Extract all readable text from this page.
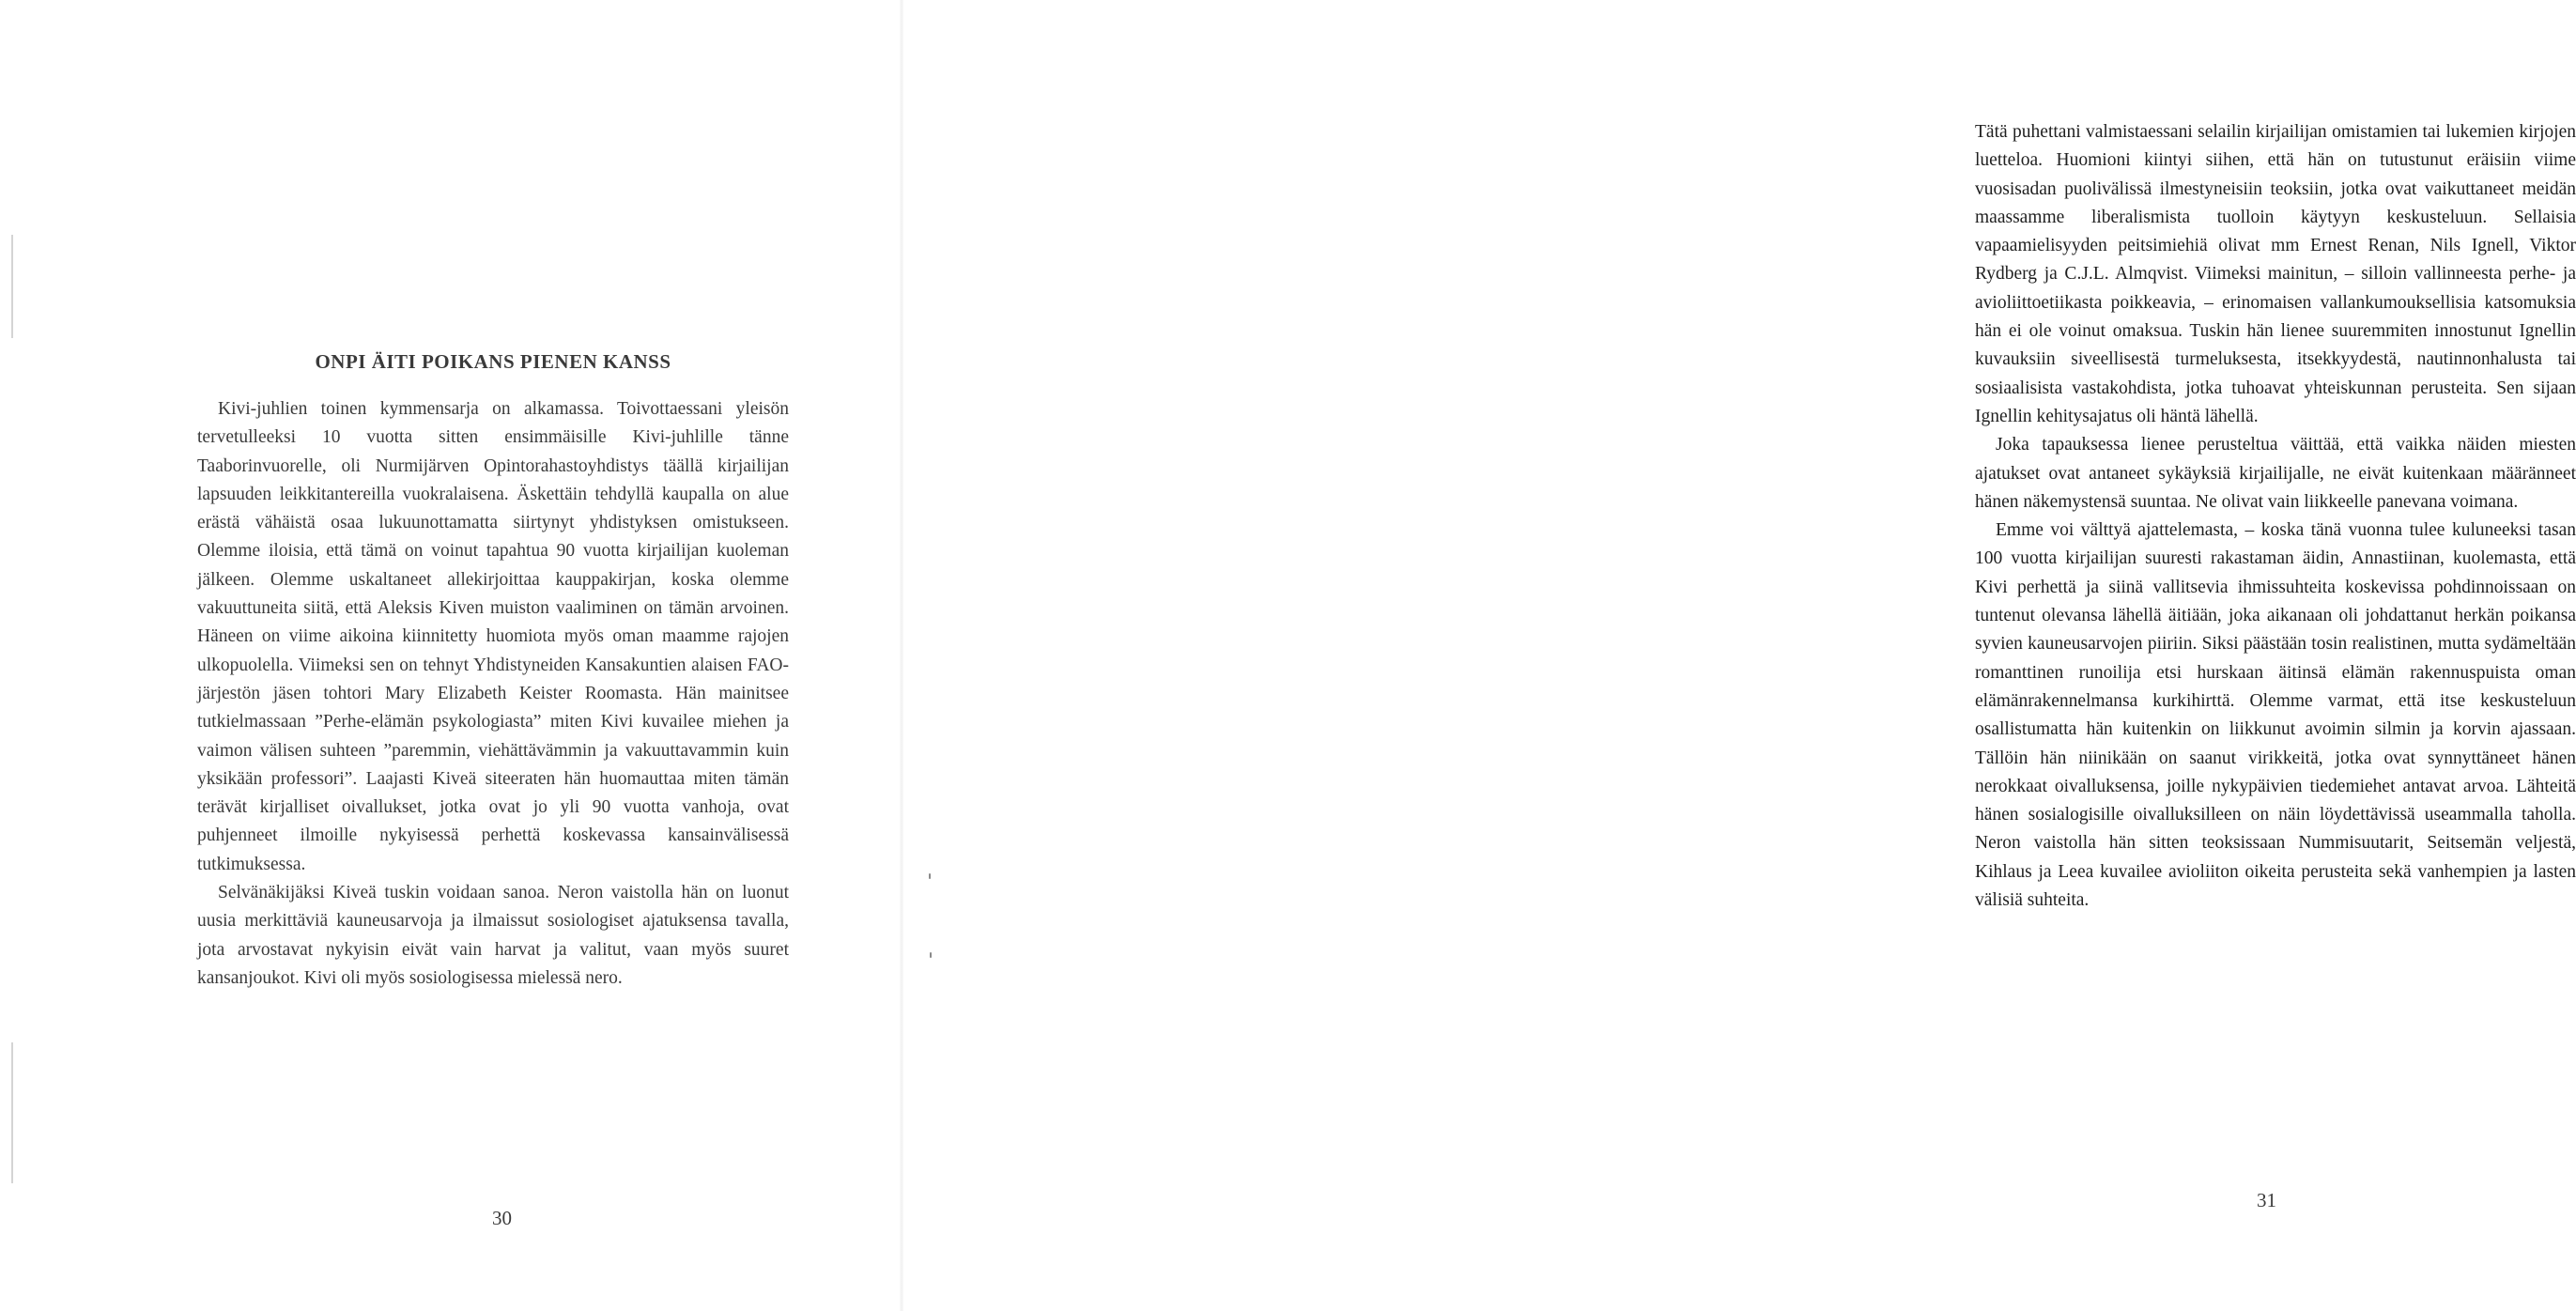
ONPI ÄITI POIKANS PIENEN KANSS

Kivi-juhlien toinen kymmensarja on alkamassa. Toivottaessani yleisön tervetulleeksi 10 vuotta sitten ensimmäisille Kivi-juhlille tänne Taaborinvuorelle, oli Nurmijärven Opintorahastoyhdistys täällä kirjailijan lapsuuden leikkitantereilla vuokralaisena. Äskettäin tehdyllä kaupalla on alue erästä vähäistä osaa lukuunottamatta siirtynyt yhdistyksen omistukseen. Olemme iloisia, että tämä on voinut tapahtua 90 vuotta kirjailijan kuoleman jälkeen. Olemme uskaltaneet allekirjoittaa kauppakirjan, koska olemme vakuuttuneita siitä, että Aleksis Kiven muiston vaaliminen on tämän arvoinen. Häneen on viime aikoina kiinnitetty huomiota myös oman maamme rajojen ulkopuolella. Viimeksi sen on tehnyt Yhdistyneiden Kansakuntien alaisen FAO-järjestön jäsen tohtori Mary Elizabeth Keister Roomasta. Hän mainitsee tutkielmassaan ”Perhe-elämän psykologiasta” miten Kivi kuvailee miehen ja vaimon välisen suhteen ”paremmin, viehättävämmin ja vakuuttavammin kuin yksikään professori”. Laajasti Kiveä siteeraten hän huomauttaa miten tämän terävät kirjalliset oivallukset, jotka ovat jo yli 90 vuotta vanhoja, ovat puhjenneet ilmoille nykyisessä perhettä koskevassa kansainvälisessä tutkimuksessa.

Selvänäkijäksi Kiveä tuskin voidaan sanoa. Neron vaistolla hän on luonut uusia merkittäviä kauneusarvoja ja ilmaissut sosiologiset ajatuksensa tavalla, jota arvostavat nykyisin eivät vain harvat ja valitut, vaan myös suuret kansanjoukot. Kivi oli myös sosiologisessa mielessä nero.

30

Tätä puhettani valmistaessani selailin kirjailijan omistamien tai lukemien kirjojen luetteloa. Huomioni kiintyi siihen, että hän on tutustunut eräisiin viime vuosisadan puolivälissä ilmestyneisiin teoksiin, jotka ovat vaikuttaneet meidän maassamme liberalismista tuolloin käytyyn keskusteluun. Sellaisia vapaamielisyyden peitsimiehiä olivat mm Ernest Renan, Nils Ignell, Viktor Rydberg ja C.J.L. Almqvist. Viimeksi mainitun, – silloin vallinneesta perhe- ja avioliittoetiikasta poikkeavia, – erinomaisen vallankumouksellisia katsomuksia hän ei ole voinut omaksua. Tuskin hän lienee suuremmiten innostunut Ignellin kuvauksiin siveellisestä turmeluksesta, itsekkyydestä, nautinnonhalusta tai sosiaalisista vastakohdista, jotka tuhoavat yhteiskunnan perusteita. Sen sijaan Ignellin kehitysajatus oli häntä lähellä.

Joka tapauksessa lienee perusteltua väittää, että vaikka näiden miesten ajatukset ovat antaneet sykäyksiä kirjailijalle, ne eivät kuitenkaan määränneet hänen näkemystensä suuntaa. Ne olivat vain liikkeelle panevana voimana.

Emme voi välttyä ajattelemasta, – koska tänä vuonna tulee kuluneeksi tasan 100 vuotta kirjailijan suuresti rakastaman äidin, Annastiinan, kuolemasta, että Kivi perhettä ja siinä vallitsevia ihmissuhteita koskevissa pohdinnoissaan on tuntenut olevansa lähellä äitiään, joka aikanaan oli johdattanut herkän poikansa syvien kauneusarvojen piiriin. Siksi päästään tosin realistinen, mutta sydämeltään romanttinen runoilija etsi hurskaan äitinsä elämän rakennuspuista oman elämänrakennelmansa kurkihirttä. Olemme varmat, että itse keskusteluun osallistumatta hän kuitenkin on liikkunut avoimin silmin ja korvin ajassaan. Tällöin hän niinikään on saanut virikkeitä, jotka ovat synnyttäneet hänen nerokkaat oivalluksensa, joille nykypäivien tiedemiehet antavat arvoa. Lähteitä hänen sosialogisille oivalluksilleen on näin löydettävissä useammalla taholla. Neron vaistolla hän sitten teoksissaan Nummisuutarit, Seitsemän veljestä, Kihlaus ja Leea kuvailee avioliiton oikeita perusteita sekä vanhempien ja lasten välisiä suhteita.

31
